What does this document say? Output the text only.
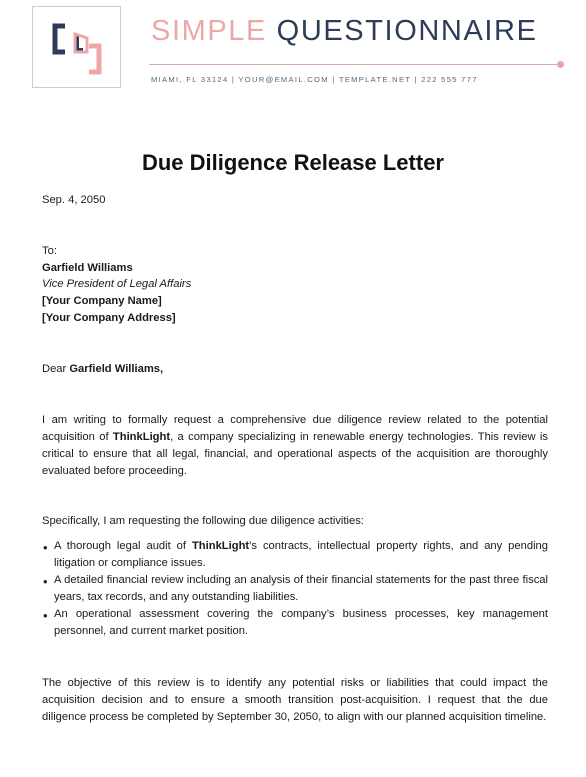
SIMPLE QUESTIONNAIRE
MIAMI, FL 33124 | YOUR@EMAIL.COM | TEMPLATE.NET | 222 555 777
Due Diligence Release Letter
Sep. 4, 2050
To:
Garfield Williams
Vice President of Legal Affairs
[Your Company Name]
[Your Company Address]
Dear Garfield Williams,
I am writing to formally request a comprehensive due diligence review related to the potential acquisition of ThinkLight, a company specializing in renewable energy technologies. This review is critical to ensure that all legal, financial, and operational aspects of the acquisition are thoroughly evaluated before proceeding.
Specifically, I am requesting the following due diligence activities:
• A thorough legal audit of ThinkLight’s contracts, intellectual property rights, and any pending litigation or compliance issues.
• A detailed financial review including an analysis of their financial statements for the past three fiscal years, tax records, and any outstanding liabilities.
• An operational assessment covering the company’s business processes, key management personnel, and current market position.
The objective of this review is to identify any potential risks or liabilities that could impact the acquisition decision and to ensure a smooth transition post-acquisition. I request that the due diligence process be completed by September 30, 2050, to align with our planned acquisition timeline.
